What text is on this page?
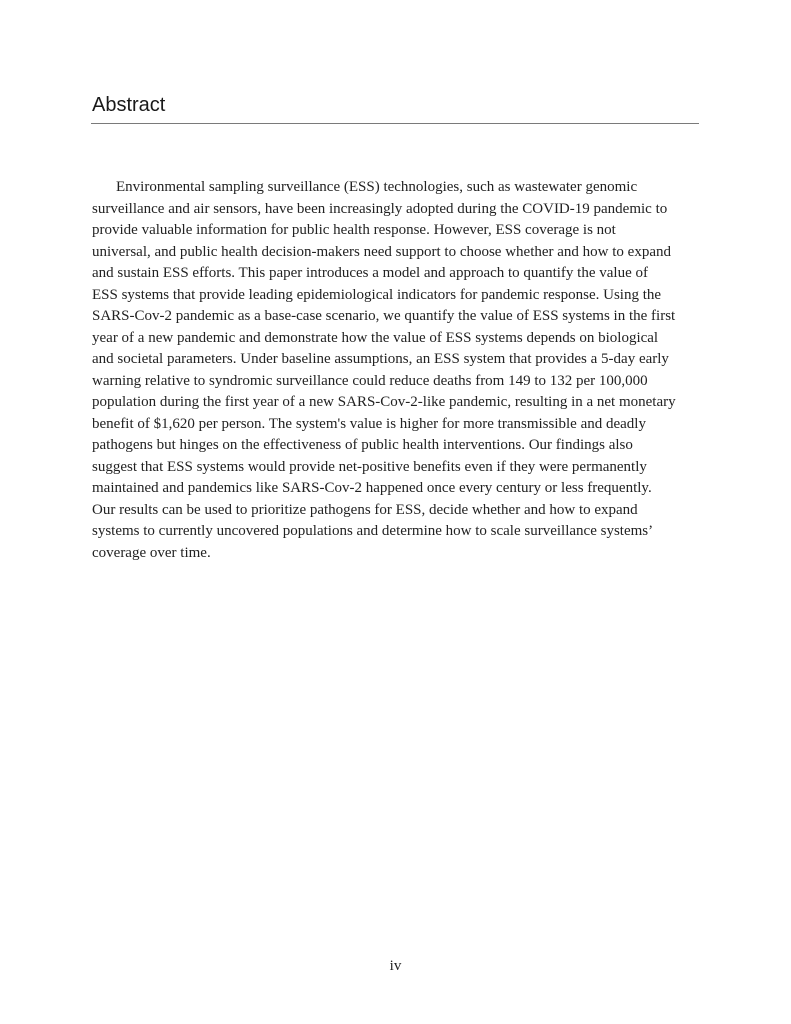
Abstract

Environmental sampling surveillance (ESS) technologies, such as wastewater genomic
surveillance and air sensors, have been increasingly adopted during the COVID-19 pandemic to
provide valuable information for public health response. However, ESS coverage is not
universal, and public health decision-makers need support to choose whether and how to expand
and sustain ESS efforts. This paper introduces a model and approach to quantify the value of
ESS systems that provide leading epidemiological indicators for pandemic response. Using the
SARS-Cov-2 pandemic as a base-case scenario, we quantify the value of ESS systems in the first
year of a new pandemic and demonstrate how the value of ESS systems depends on biological
and societal parameters. Under baseline assumptions, an ESS system that provides a 5-day early
warning relative to syndromic surveillance could reduce deaths from 149 to 132 per 100,000
population during the first year of a new SARS-Cov-2-like pandemic, resulting in a net monetary
benefit of $1,620 per person. The system's value is higher for more transmissible and deadly
pathogens but hinges on the effectiveness of public health interventions. Our findings also
suggest that ESS systems would provide net-positive benefits even if they were permanently
maintained and pandemics like SARS-Cov-2 happened once every century or less frequently.
Our results can be used to prioritize pathogens for ESS, decide whether and how to expand
systems to currently uncovered populations and determine how to scale surveillance systems’
coverage over time.

iv
